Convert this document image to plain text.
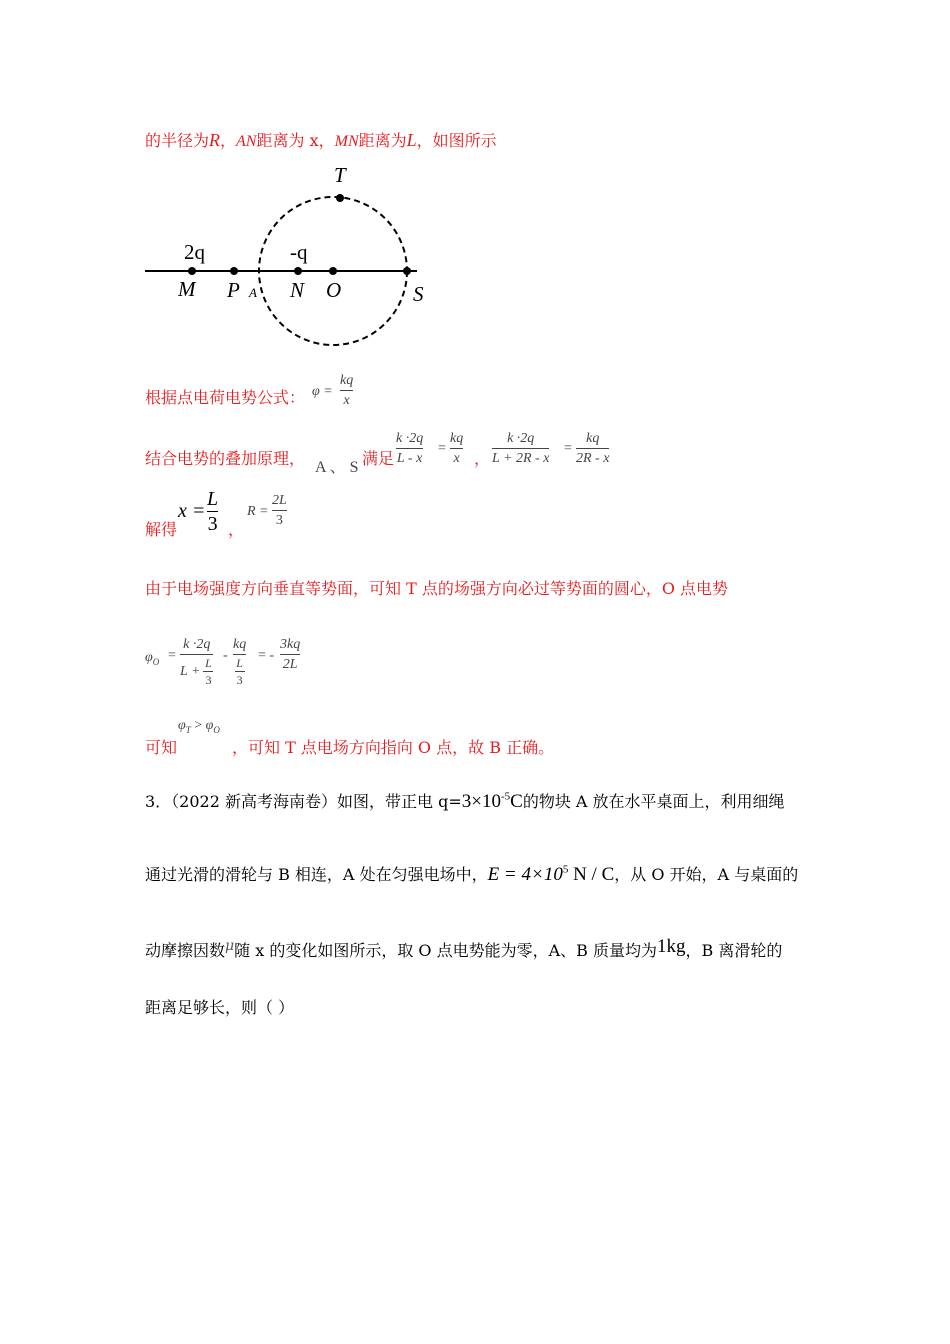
的半径为R，AN距离为 x，MN距离为L，如图所示
T
2q	-q
M P A N O	S
根据点电荷电势公式： φ =
kq
x
结合电势的叠加原理， A 、 S 满足
k ·2q
L - x
=
kq
x ，
k ·2q
L + 2R - x
=
kq
2R - x
解得
x =
L
3 ，
R =
2L
3
由于电场强度方向垂直等势面，可知 T 点的场强方向必过等势面的圆心，O 点电势
$\varphi_O$ =
k ·2q
L +
L
3
-
kq
L
3
= -
3kq
2L
可知
$\varphi_T > \varphi_O$
，可知 T 点电场方向指向 O 点，故 B 正确。
3．（2022 新高考海南卷）如图，带正电 $q=3\times 10^{-5}C$的物块 A 放在水平桌面上，利用细绳
通过光滑的滑轮与 B 相连，A 处在匀强电场中，$E = 4\times 10^5$ N / C，从 O 开始，A 与桌面的
动摩擦因数μ随 x 的变化如图所示，取 O 点电势能为零，A、B 质量均为1kg，B 离滑轮的
距离足够长，则（ ）
